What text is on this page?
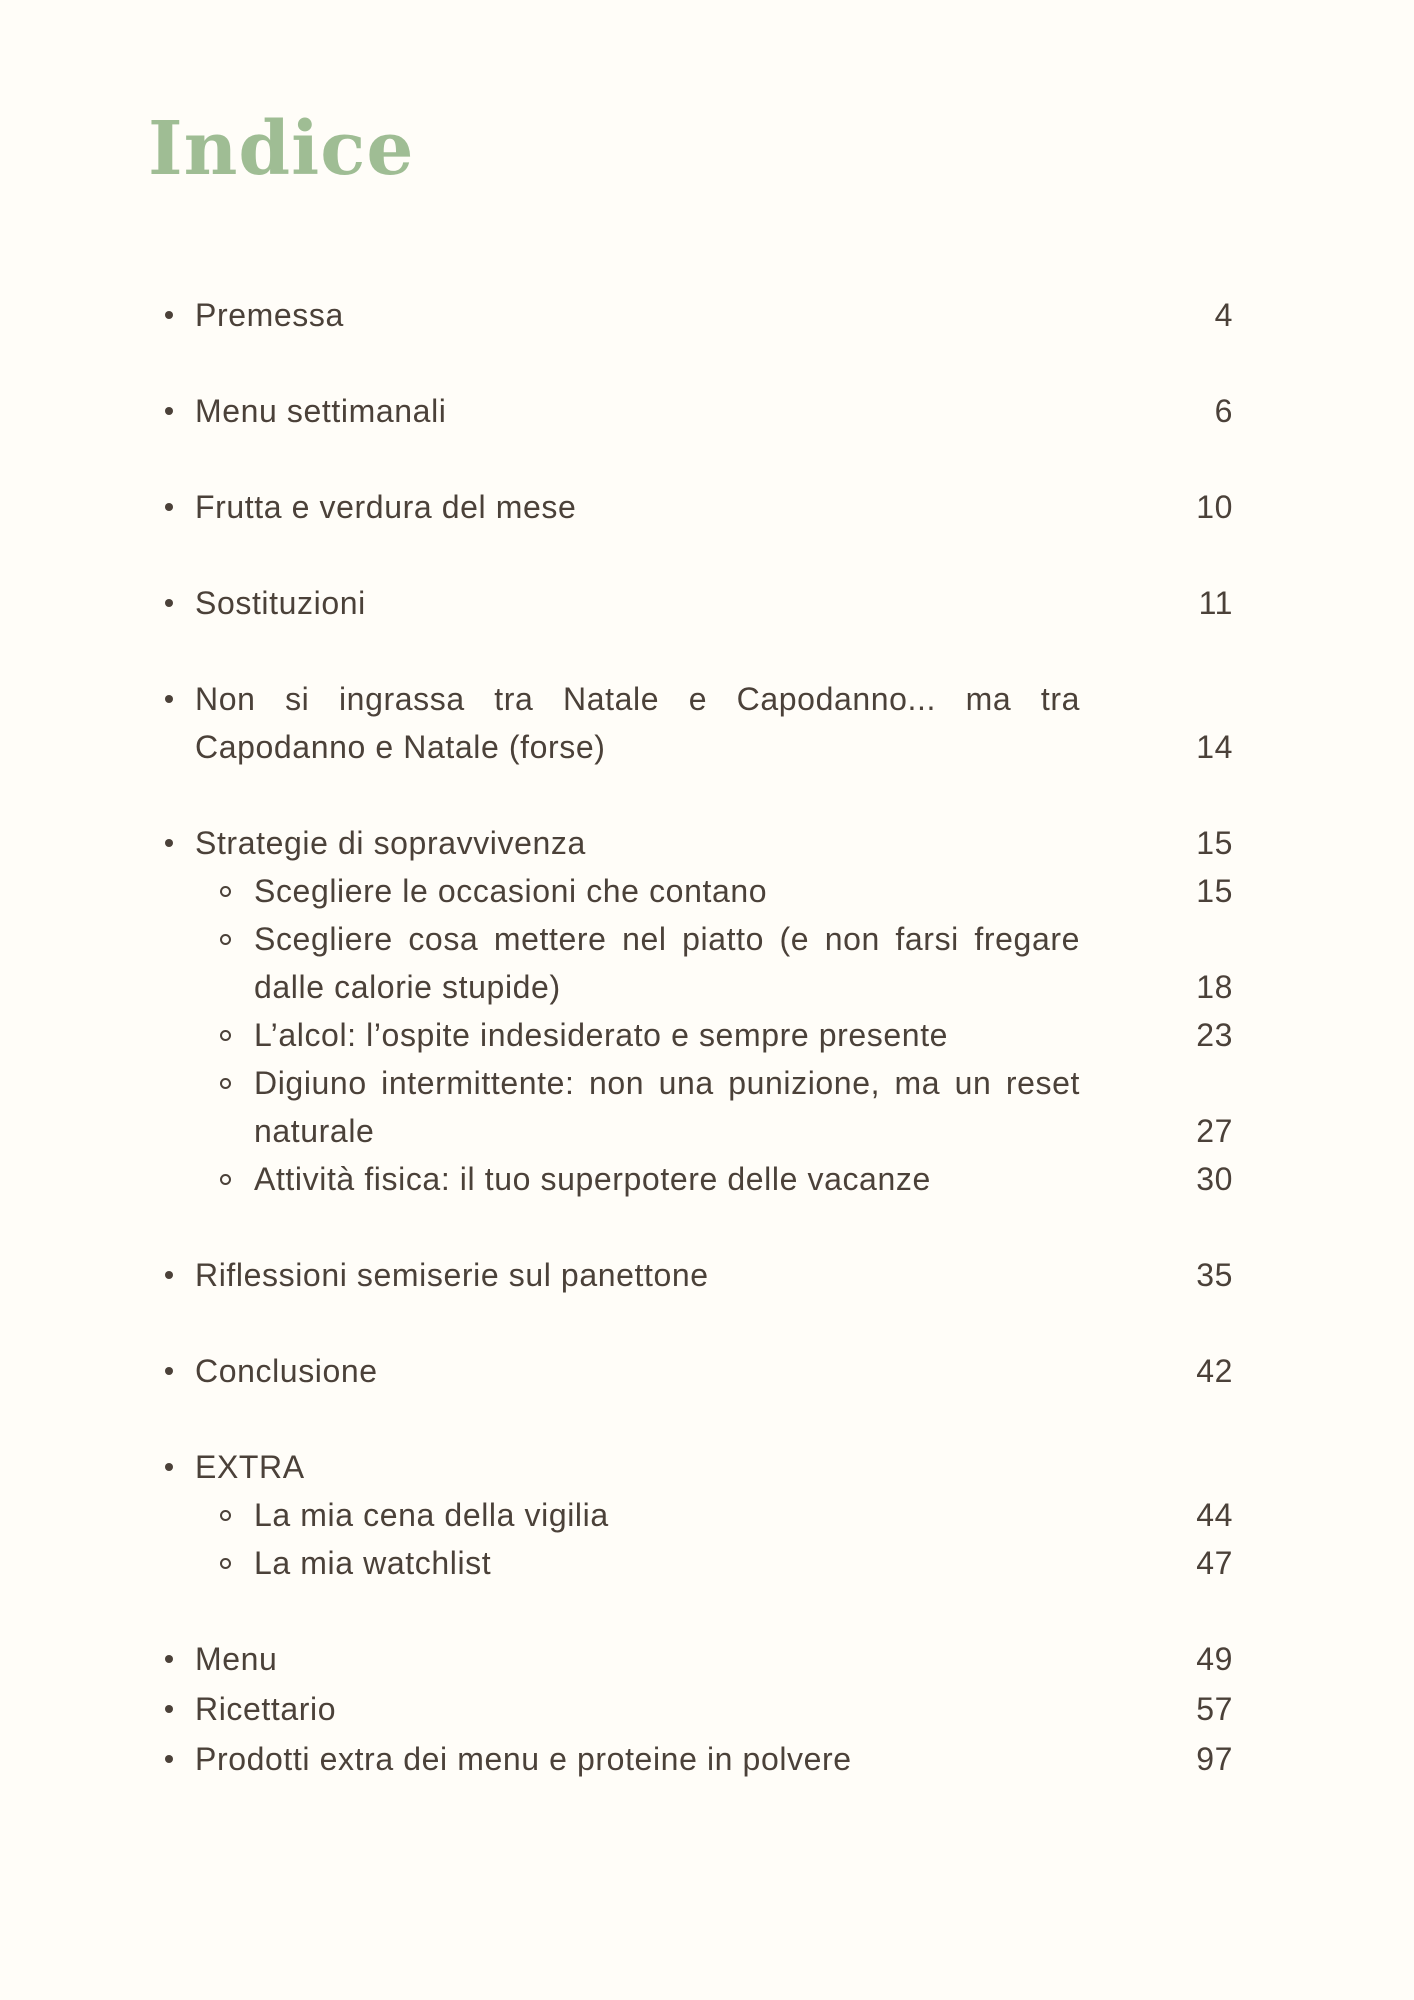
Indice
Premessa	4
Menu settimanali	6
Frutta e verdura del mese	10
Sostituzioni	11
Non si ingrassa tra Natale e Capodanno... ma tra
Capodanno e Natale (forse)	14
Strategie di sopravvivenza	15
Scegliere le occasioni che contano	15
Scegliere cosa mettere nel piatto (e non farsi fregare
dalle calorie stupide)	18
L’alcol: l’ospite indesiderato e sempre presente	23
Digiuno intermittente: non una punizione, ma un reset
naturale	27
Attività fisica: il tuo superpotere delle vacanze	30
Riflessioni semiserie sul panettone	35
Conclusione	42
EXTRA
La mia cena della vigilia	44
La mia watchlist	47
Menu	49
Ricettario	57
Prodotti extra dei menu e proteine in polvere	97
